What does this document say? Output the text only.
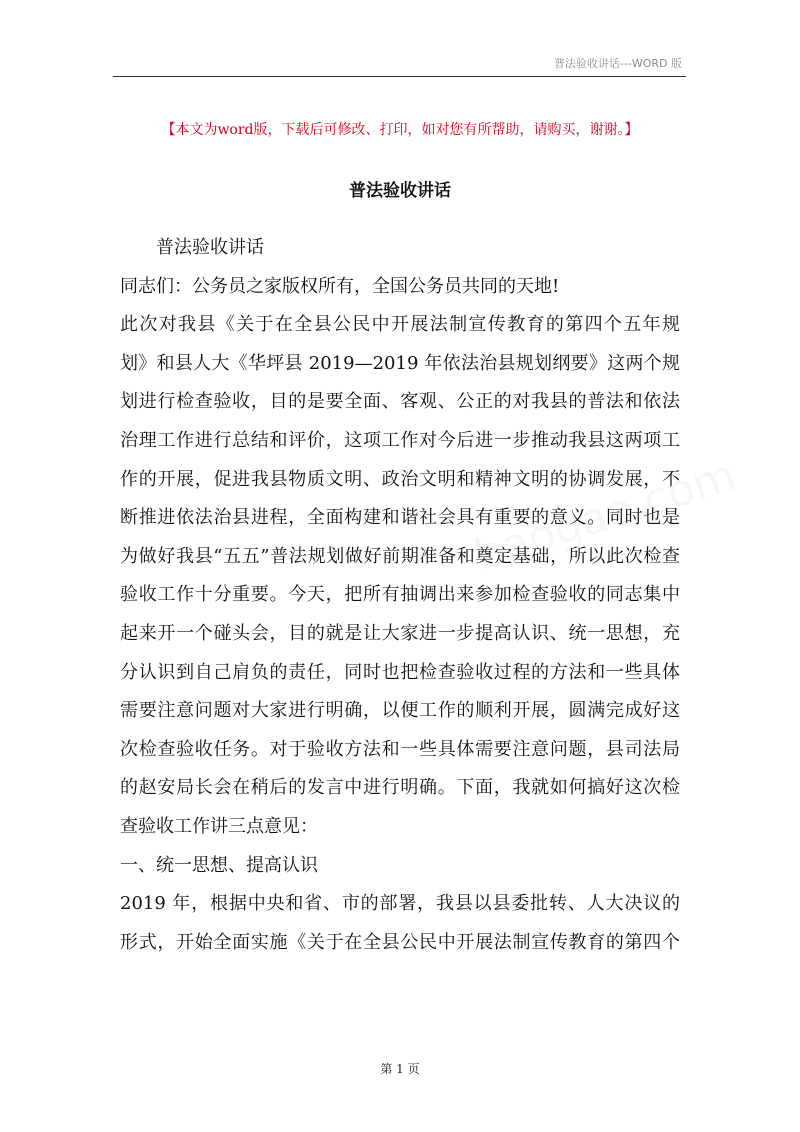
普法验收讲话---WORD 版
【本文为word版，下载后可修改、打印，如对您有所帮助，请购买，谢谢。】
普法验收讲话
普法验收讲话
同志们：公务员之家版权所有，全国公务员共同的天地!
此次对我县《关于在全县公民中开展法制宣传教育的第四个五年规
划》和县人大《华坪县 2019—2019 年依法治县规划纲要》这两个规
划进行检查验收，目的是要全面、客观、公正的对我县的普法和依法
治理工作进行总结和评价，这项工作对今后进一步推动我县这两项工
作的开展，促进我县物质文明、政治文明和精神文明的协调发展，不
断推进依法治县进程，全面构建和谐社会具有重要的意义。同时也是
为做好我县“五五”普法规划做好前期准备和奠定基础，所以此次检查
验收工作十分重要。今天，把所有抽调出来参加检查验收的同志集中
起来开一个碰头会，目的就是让大家进一步提高认识、统一思想，充
分认识到自己肩负的责任，同时也把检查验收过程的方法和一些具体
需要注意问题对大家进行明确，以便工作的顺利开展，圆满完成好这
次检查验收任务。对于验收方法和一些具体需要注意问题，县司法局
的赵安局长会在稍后的发言中进行明确。下面，我就如何搞好这次检
查验收工作讲三点意见：
一、统一思想、提高认识
2019 年，根据中央和省、市的部署，我县以县委批转、人大决议的
形式，开始全面实施《关于在全县公民中开展法制宣传教育的第四个
第 1 页
